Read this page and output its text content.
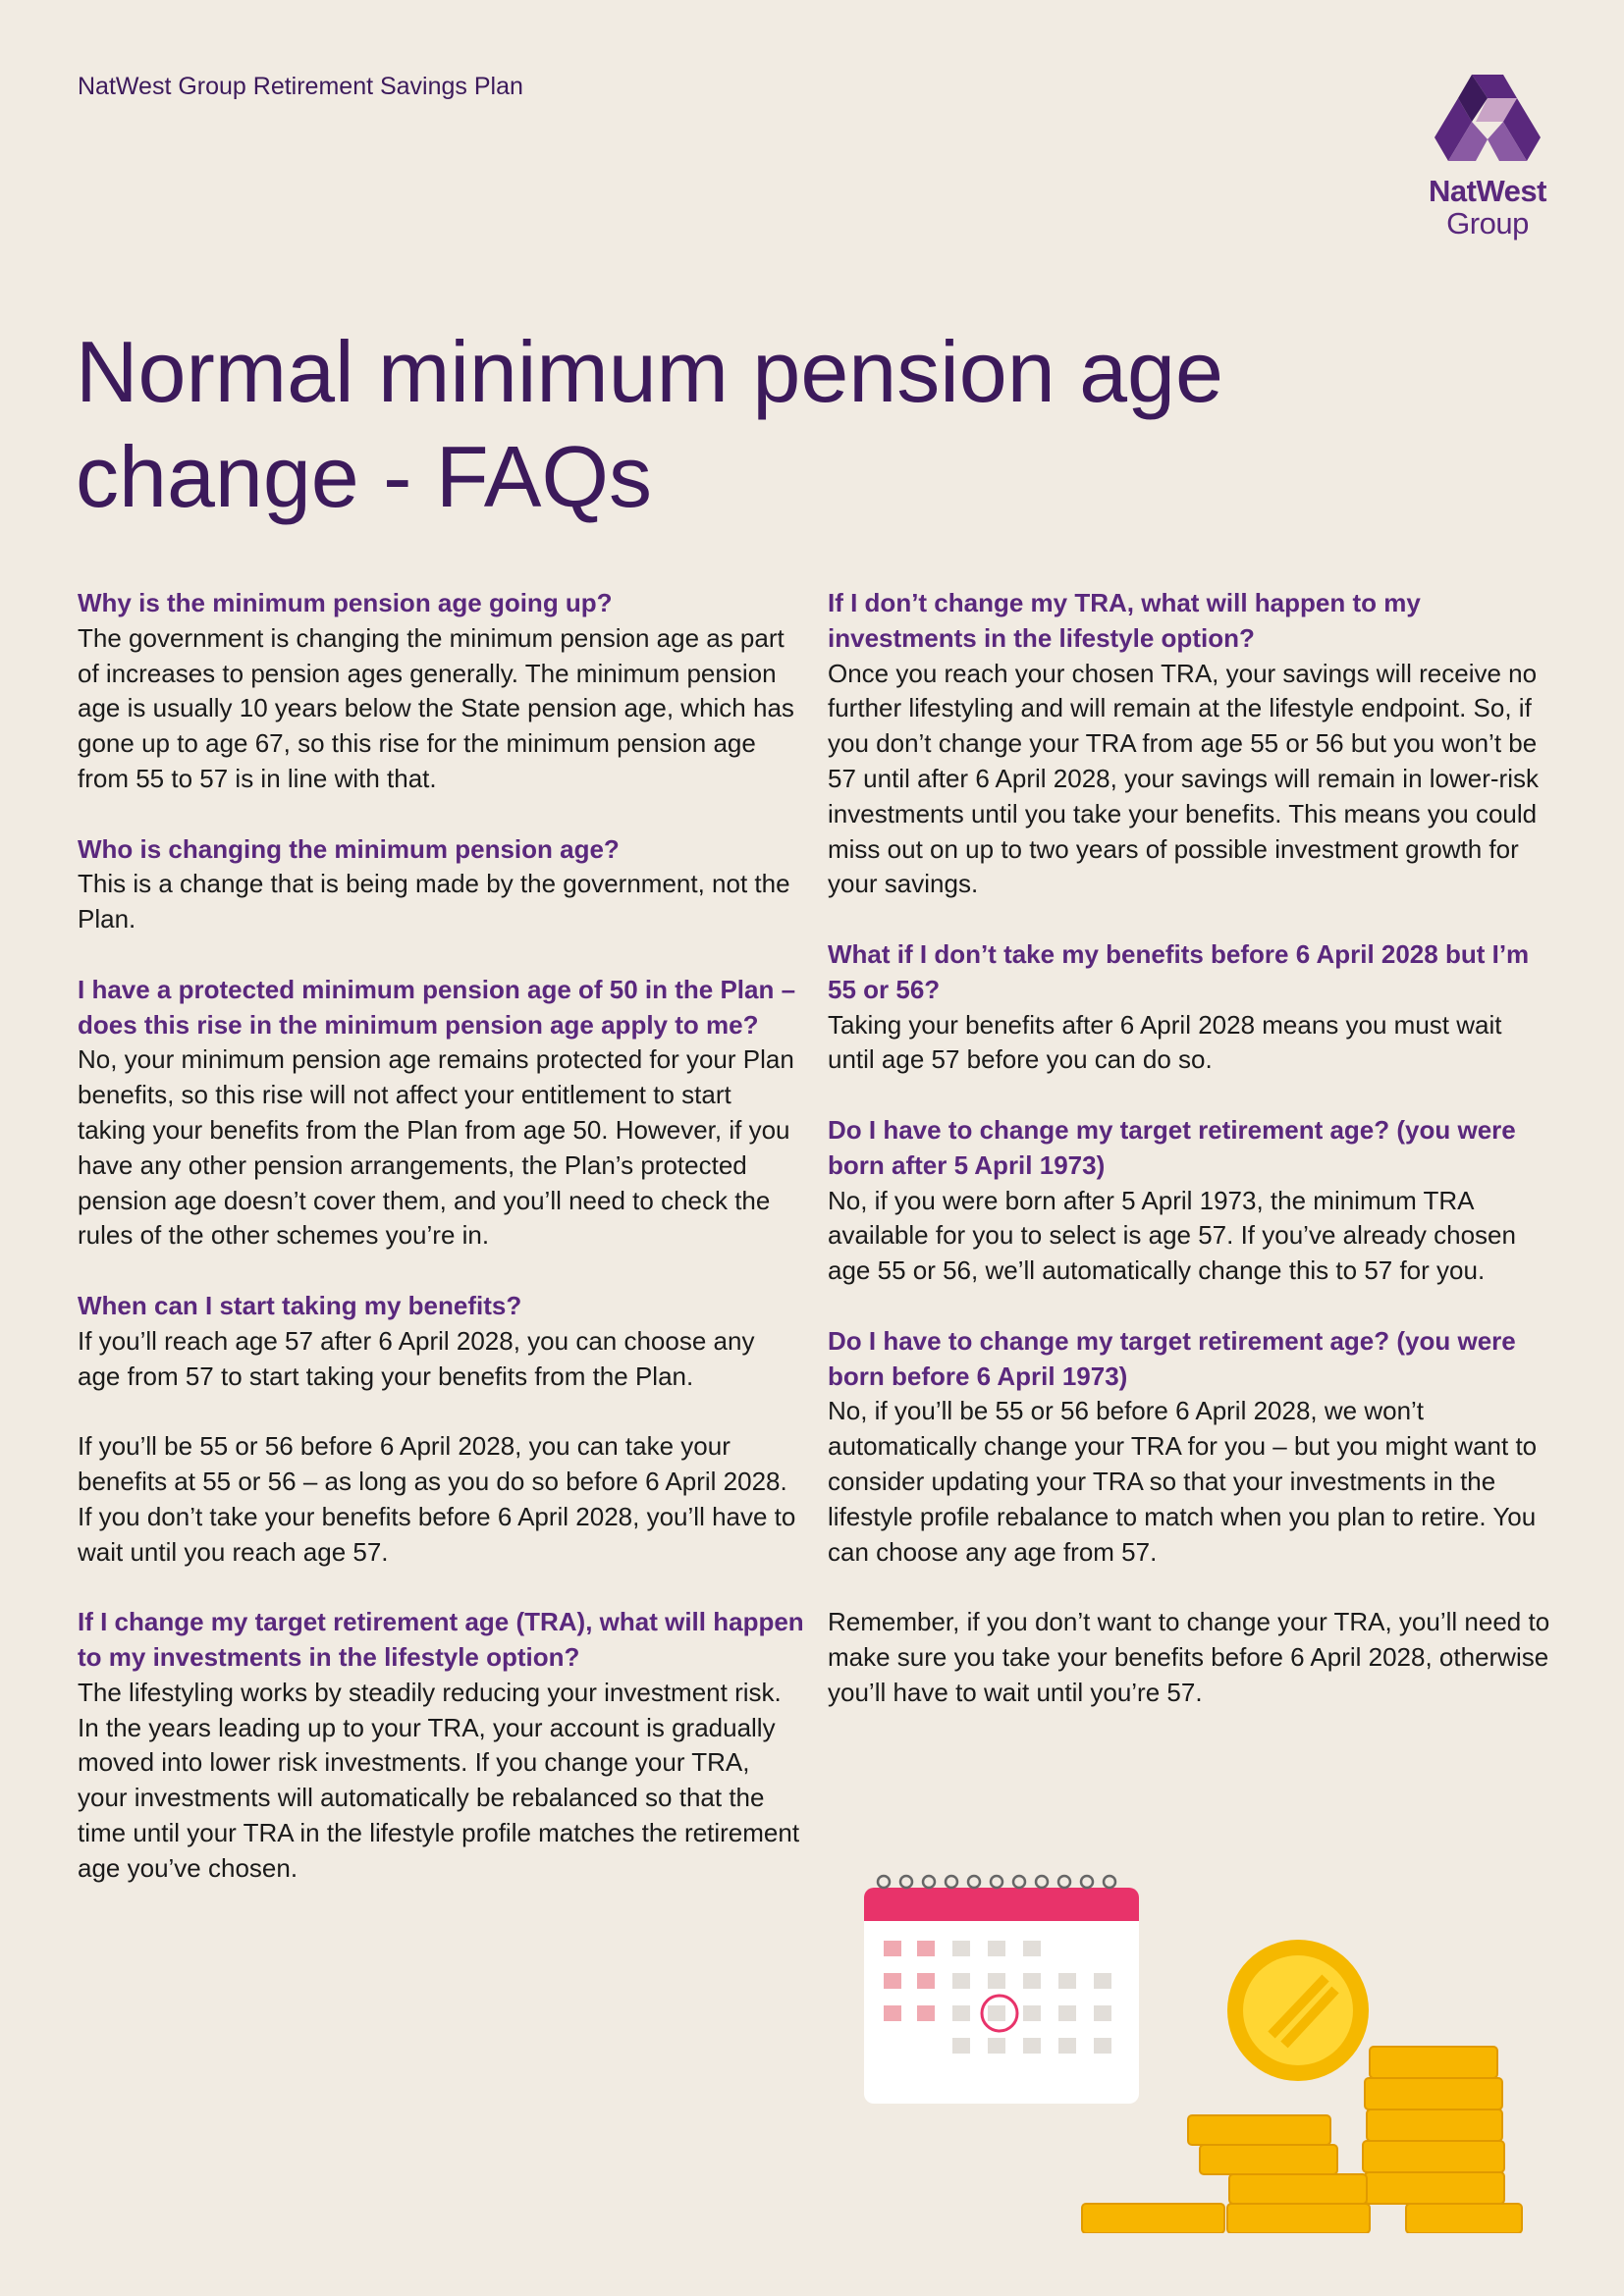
NatWest Group Retirement Savings Plan
NatWest
Group
Normal minimum pension age change - FAQs

Why is the minimum pension age going up?

The government is changing the minimum pension age as part of increases to pension ages generally. The minimum pension age is usually 10 years below the State pension age, which has gone up to age 67, so this rise for the minimum pension age from 55 to 57 is in line with that.

Who is changing the minimum pension age?

This is a change that is being made by the government, not the Plan.

I have a protected minimum pension age of 50 in the Plan – does this rise in the minimum pension age apply to me?

No, your minimum pension age remains protected for your Plan benefits, so this rise will not affect your entitlement to start taking your benefits from the Plan from age 50. However, if you have any other pension arrangements, the Plan’s protected pension age doesn’t cover them, and you’ll need to check the rules of the other schemes you’re in.

When can I start taking my benefits?

If you’ll reach age 57 after 6 April 2028, you can choose any age from 57 to start taking your benefits from the Plan.

If you’ll be 55 or 56 before 6 April 2028, you can take your benefits at 55 or 56 – as long as you do so before 6 April 2028. If you don’t take your benefits before 6 April 2028, you’ll have to wait until you reach age 57.

If I change my target retirement age (TRA), what will happen to my investments in the lifestyle option?

The lifestyling works by steadily reducing your investment risk. In the years leading up to your TRA, your account is gradually moved into lower risk investments. If you change your TRA, your investments will automatically be rebalanced so that the time until your TRA in the lifestyle profile matches the retirement age you’ve chosen.

If I don’t change my TRA, what will happen to my investments in the lifestyle option?

Once you reach your chosen TRA, your savings will receive no further lifestyling and will remain at the lifestyle endpoint. So, if you don’t change your TRA from age 55 or 56 but you won’t be 57 until after 6 April 2028, your savings will remain in lower-risk investments until you take your benefits. This means you could miss out on up to two years of possible investment growth for your savings.

What if I don’t take my benefits before 6 April 2028 but I’m 55 or 56?

Taking your benefits after 6 April 2028 means you must wait until age 57 before you can do so.

Do I have to change my target retirement age? (you were born after 5 April 1973)

No, if you were born after 5 April 1973, the minimum TRA available for you to select is age 57. If you’ve already chosen age 55 or 56, we’ll automatically change this to 57 for you.

Do I have to change my target retirement age? (you were born before 6 April 1973)

No, if you’ll be 55 or 56 before 6 April 2028, we won’t automatically change your TRA for you – but you might want to consider updating your TRA so that your investments in the lifestyle profile rebalance to match when you plan to retire. You can choose any age from 57.

Remember, if you don’t want to change your TRA, you’ll need to make sure you take your benefits before 6 April 2028, otherwise you’ll have to wait until you’re 57.
